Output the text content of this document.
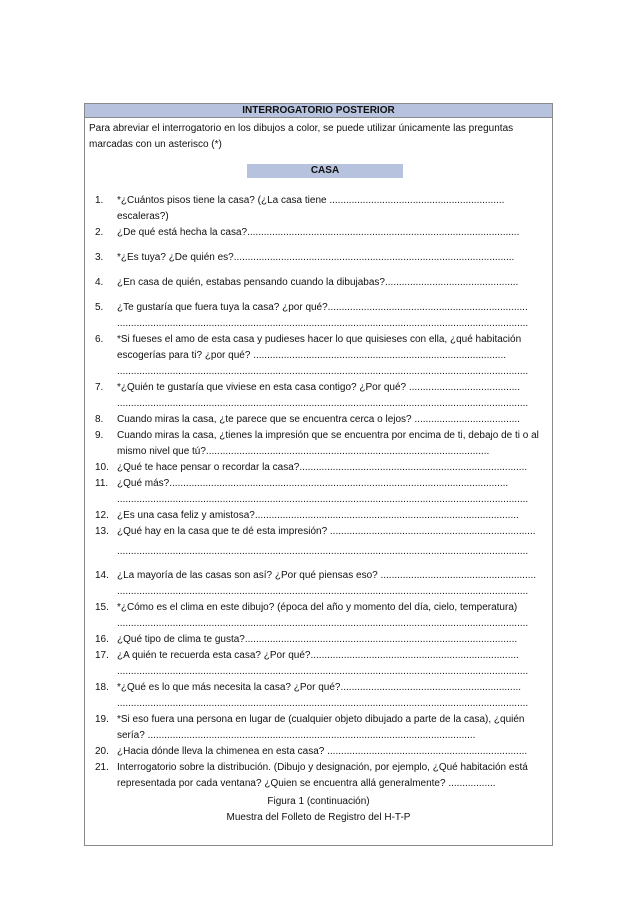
INTERROGATORIO POSTERIOR
Para abreviar el interrogatorio en los dibujos a color, se puede utilizar únicamente las preguntas marcadas con un asterisco (*)
CASA
1.	*¿Cuántos pisos tiene la casa? (¿La casa tiene ...............................................................
escaleras?)
2.	¿De qué está hecha la casa?..................................................................................................
3.	*¿Es tuya? ¿De quién es?.....................................................................................................
4.	¿En casa de quién, estabas pensando cuando la dibujabas?................................................
5.	¿Te gustaría que fuera tuya la casa? ¿por qué?........................................................................
....................................................................................................................................................
6.	*Si fueses el amo de esta casa y pudieses hacer lo que quisieses con ella, ¿qué habitación escogerías para ti? ¿por qué? ...........................................................................................
....................................................................................................................................................
7.	*¿Quién te gustaría que viviese en esta casa contigo? ¿Por qué? ........................................
....................................................................................................................................................
8.	Cuando miras la casa, ¿te parece que se encuentra cerca o lejos? ......................................
9.	Cuando miras la casa, ¿tienes la impresión que se encuentra por encima de ti, debajo de ti o al mismo nivel que tú?......................................................................................................
10. ¿Qué te hace pensar o recordar la casa?..................................................................................
11. ¿Qué más?..........................................................................................................................
....................................................................................................................................................
12. ¿Es una casa feliz y amistosa?...............................................................................................
13. ¿Qué hay en la casa que te dé esta impresión? ..........................................................................
....................................................................................................................................................
14. ¿La mayoría de las casas son así? ¿Por qué piensas eso? ........................................................
....................................................................................................................................................
15. *¿Cómo es el clima en este dibujo? (época del año y momento del día, cielo, temperatura)
....................................................................................................................................................
16. ¿Qué tipo de clima te gusta?..................................................................................................
17. ¿A quién te recuerda esta casa? ¿Por qué?...........................................................................
....................................................................................................................................................
18. *¿Qué es lo que más necesita la casa? ¿Por qué?.................................................................
....................................................................................................................................................
19. *Si eso fuera una persona en lugar de (cualquier objeto dibujado a parte de la casa), ¿quién sería? ......................................................................................................................
20. ¿Hacia dónde lleva la chimenea en esta casa? ........................................................................
21. Interrogatorio sobre la distribución. (Dibujo y designación, por ejemplo, ¿Qué habitación está representada por cada ventana? ¿Quien se encuentra allá generalmente? .................
Figura 1 (continuación)
Muestra del Folleto de Registro del H-T-P
